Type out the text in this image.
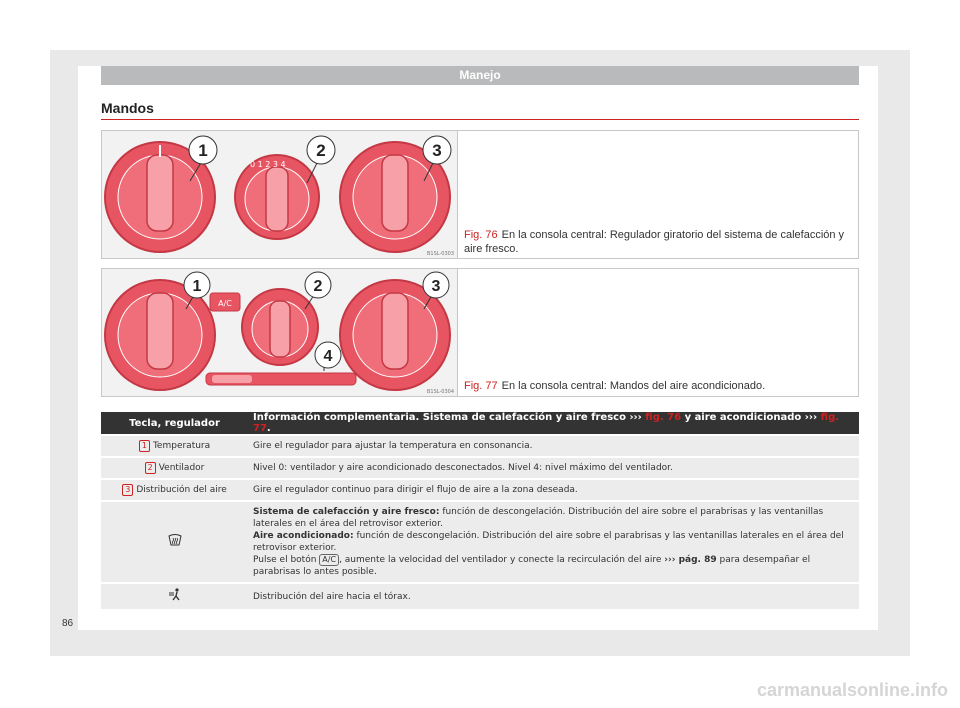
Manejo
Mandos
0 1 2 3 4
1	2	3
B1SL-0303
Fig. 76 En la consola central: Regulador giratorio del sistema de calefacción y aire fresco.
A/C
1	2	3
4
B1SL-0304 Fig. 77 En la consola central: Mandos del aire acondicionado.
Tecla, regulador	Información complementaria. Sistema de calefacción y aire fresco ››› fig. 76 y aire acondicionado ››› fig. 77.
1 Temperatura	Gire el regulador para ajustar la temperatura en consonancia.
2 Ventilador	Nivel 0: ventilador y aire acondicionado desconectados. Nivel 4: nivel máximo del ventilador.
3 Distribución del aire	Gire el regulador continuo para dirigir el flujo de aire a la zona deseada.
	Sistema de calefacción y aire fresco: función de descongelación. Distribución del aire sobre el parabrisas y las ventanillas laterales en el área del retrovisor exterior.
Aire acondicionado: función de descongelación. Distribución del aire sobre el parabrisas y las ventanillas laterales en el área del retrovisor exterior.
Pulse el botón A/C , aumente la velocidad del ventilador y conecte la recirculación del aire ››› pág. 89 para desempañar el parabrisas lo antes posible.
	Distribución del aire hacia el tórax.
86
carmanualsonline.info
